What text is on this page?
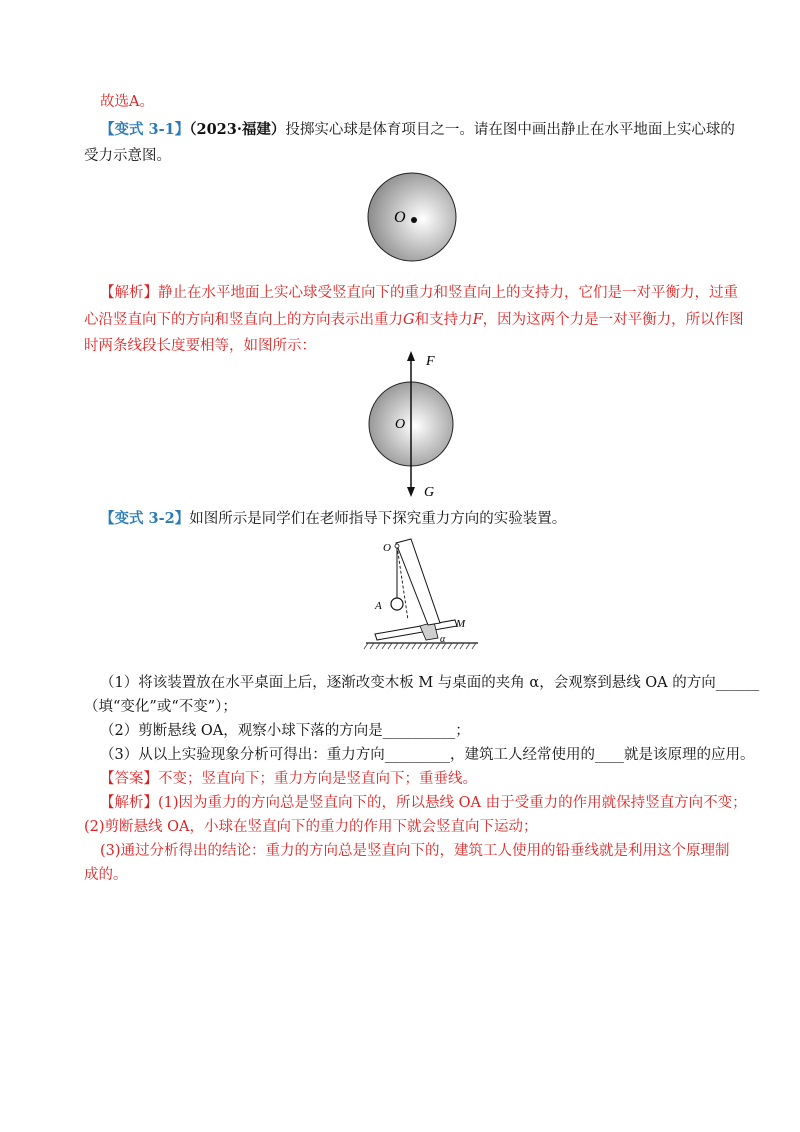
故选A。
【变式 3-1】（2023·福建）投掷实心球是体育项目之一。请在图中画出静止在水平地面上实心球的
受力示意图。
O
【解析】静止在水平地面上实心球受竖直向下的重力和竖直向上的支持力，它们是一对平衡力，过重
心沿竖直向下的方向和竖直向上的方向表示出重力G和支持力F，因为这两个力是一对平衡力，所以作图
时两条线段长度要相等，如图所示：
F
O
G
【变式 3-2】如图所示是同学们在老师指导下探究重力方向的实验装置。
O
A
M
α
（1）将该装置放在水平桌面上后，逐渐改变木板 M 与桌面的夹角 α，会观察到悬线 OA 的方向______
（填“变化”或“不变”）；
（2）剪断悬线 OA，观察小球下落的方向是__________；
（3）从以上实验现象分析可得出：重力方向_________，建筑工人经常使用的____就是该原理的应用。
【答案】不变；竖直向下；重力方向是竖直向下；重垂线。
【解析】(1)因为重力的方向总是竖直向下的，所以悬线 OA 由于受重力的作用就保持竖直方向不变；
(2)剪断悬线 OA，小球在竖直向下的重力的作用下就会竖直向下运动；
(3)通过分析得出的结论：重力的方向总是竖直向下的，建筑工人使用的铅垂线就是利用这个原理制
成的。
